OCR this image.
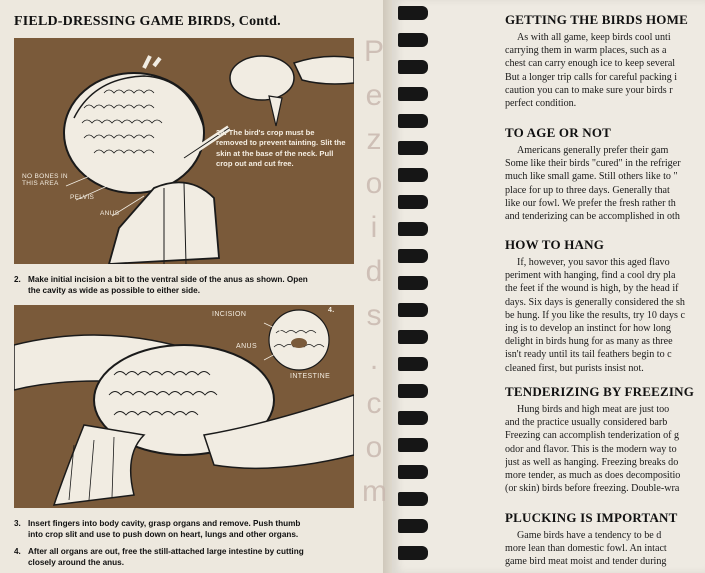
FIELD-DRESSING GAME BIRDS, Contd.
2a. The bird's crop must be removed to prevent tainting. Slit the skin at the base of the neck. Pull crop out and cut free.
NO BONES IN
THIS AREA
PELVIS
ANUS
2. Make initial incision a bit to the ventral side of the anus as shown. Open
the cavity as wide as possible to either side.
INCISION
ANUS
INTESTINE
4.
3. Insert fingers into body cavity, grasp organs and remove. Push thumb
into crop slit and use to push down on heart, lungs and other organs.
4. After all organs are out, free the still-attached large intestine by cutting
closely around the anus.
P
e
z
o
i
d
s
.
c
o
m
GETTING THE BIRDS HOME
As with all game, keep birds cool unti
carrying them in warm places, such as a
chest can carry enough ice to keep several
But a longer trip calls for careful packing i
caution you can to make sure your birds r
perfect condition.
TO AGE OR NOT
Americans generally prefer their gam
Some like their birds "cured" in the refriger
much like small game. Still others like to "
place for up to three days. Generally that
like our fowl. We prefer the fresh rather th
and tenderizing can be accomplished in oth
HOW TO HANG
If, however, you savor this aged flavo
periment with hanging, find a cool dry pla
the feet if the wound is high, by the head if
days. Six days is generally considered the sh
be hung. If you like the results, try 10 days c
ing is to develop an instinct for how long
delight in birds hung for as many as three
isn't ready until its tail feathers begin to c
cleaned first, but purists insist not.
TENDERIZING BY FREEZING
Hung birds and high meat are just too
and the practice usually considered barb
Freezing can accomplish tenderization of g
odor and flavor. This is the modern way to
just as well as hanging. Freezing breaks do
more tender, as much as does decompositio
(or skin) birds before freezing. Double-wra
PLUCKING IS IMPORTANT
Game birds have a tendency to be d
more lean than domestic fowl. An intact
game bird meat moist and tender during
